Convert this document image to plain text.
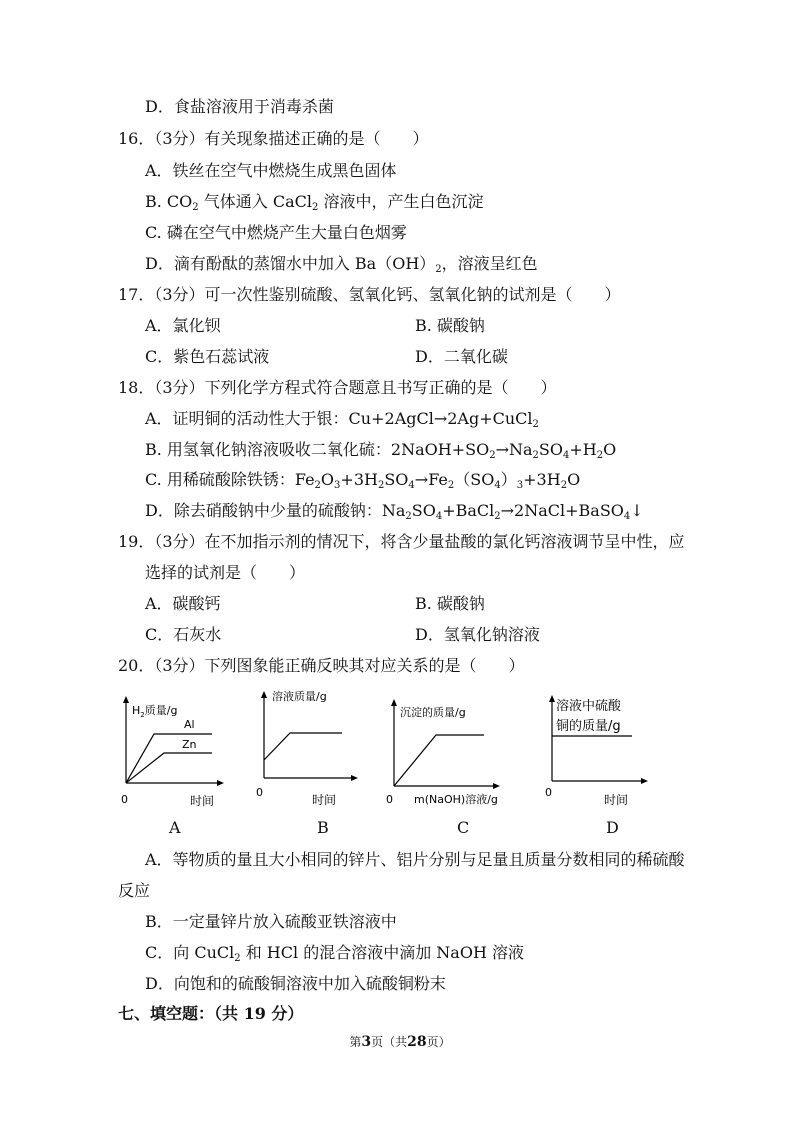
D．食盐溶液用于消毒杀菌
16．（3分）有关现象描述正确的是（　　）
A．铁丝在空气中燃烧生成黑色固体
B. $CO_2$ 气体通入 CaCl$_2$ 溶液中，产生白色沉淀
C. 磷在空气中燃烧产生大量白色烟雾
D．滴有酚酞的蒸馏水中加入 $Ba(OH)_2$，溶液呈红色
17．（3分）可一次性鉴别硫酸、氢氧化钙、氢氧化钠的试剂是（　　）
A．氯化钡	B. 碳酸钠
C．紫色石蕊试液	D．二氧化碳
18．（3分）下列化学方程式符合题意且书写正确的是（　　）
A．证明铜的活动性大于银：Cu+2AgCl→2Ag+CuCl$_2$
B. 用氢氧化钠溶液吸收二氧化硫：$2NaOH+SO_2\to Na_2SO_4+H_2O$
C. 用稀硫酸除铁锈：$Fe_2O_3+3H_2SO_4\to Fe_2(SO_4)_3+3H_2O$
D．除去硝酸钠中少量的硫酸钠：$Na_2SO_4+BaCl_2\to 2NaCl+BaSO_4↓$
19．（3分）在不加指示剂的情况下，将含少量盐酸的氯化钙溶液调节呈中性，应
选择的试剂是（　　）
A．碳酸钙	B. 碳酸钠
C．石灰水	D．氢氧化钠溶液
20．（3分）下列图象能正确反映其对应关系的是（　　）
$H_2$质量/g
Al
Zn
0	时间
A
溶液质量/g
0
时间
B
沉淀的质量/g
0 m(NaOH)溶液/g
C
溶液中硫酸
铜的质量/g
0
时间
D
A．等物质的量且大小相同的锌片、铝片分别与足量且质量分数相同的稀硫酸
反应
B．一定量锌片放入硫酸亚铁溶液中
C．向 CuCl$_2$ 和 HCl 的混合溶液中滴加 NaOH 溶液
D．向饱和的硫酸铜溶液中加入硫酸铜粉末
七、填空题：（共 19 分）
第3页（共28页）
